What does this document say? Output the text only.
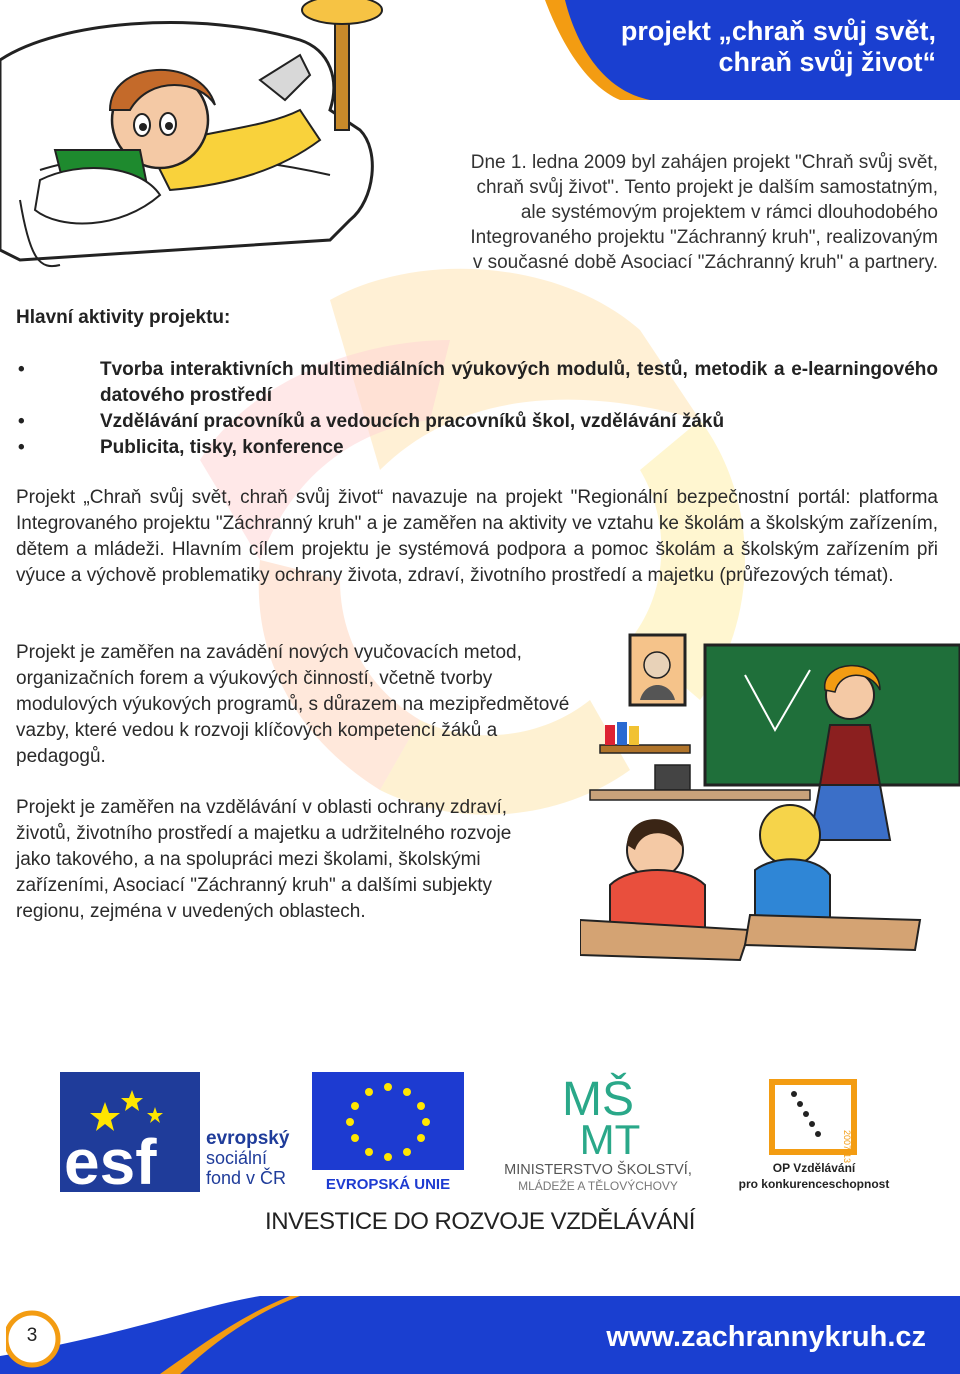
projekt „chraň svůj svět,
chraň svůj život“
Dne 1. ledna 2009 byl zahájen projekt "Chraň svůj svět,
chraň svůj život". Tento projekt je dalším samostatným,
ale systémovým projektem v rámci dlouhodobého
Integrovaného projektu "Záchranný kruh", realizovaným
v současné době Asociací "Záchranný kruh" a partnery.
Hlavní aktivity projektu:
•	Tvorba interaktivních multimediálních výukových modulů, testů, metodik a e-learningového datového prostředí
•	Vzdělávání pracovníků a vedoucích pracovníků škol, vzdělávání žáků
•	Publicita, tisky, konference
Projekt „Chraň svůj svět, chraň svůj život“ navazuje na projekt "Regionální bezpečnostní portál: platforma Integrovaného projektu "Záchranný kruh" a je zaměřen na aktivity ve vztahu ke školám a školským zařízením, dětem a mládeži. Hlavním cílem projektu je systémová podpora a pomoc školám a školským zařízením při výuce a výchově problematiky ochrany života, zdraví, životního prostředí a majetku (průřezových témat).
Projekt je zaměřen na zavádění nových vyučovacích metod, organizačních forem a výukových činností, včetně tvorby modulových výukových programů, s důrazem na mezipředmětové vazby, které vedou k rozvoji klíčových kompetencí žáků a pedagogů.
Projekt je zaměřen na vzdělávání v oblasti ochrany zdraví, životů, životního prostředí a majetku a udržitelného rozvoje jako takového, a na spolupráci mezi školami, školskými zařízeními, Asociací "Záchranný kruh" a dalšími subjekty regionu, zejména v uvedených oblastech.
esf	evropský
sociální
fond v ČR	EVROPSKÁ UNIE
MŠ
MT
MINISTERSTVO ŠKOLSTVÍ,
MLÁDEŽE A TĚLOVÝCHOVY
2007-13
OP Vzdělávání
pro konkurenceschopnost
INVESTICE DO ROZVOJE VZDĚLÁVÁNÍ
3	www.zachrannykruh.cz
